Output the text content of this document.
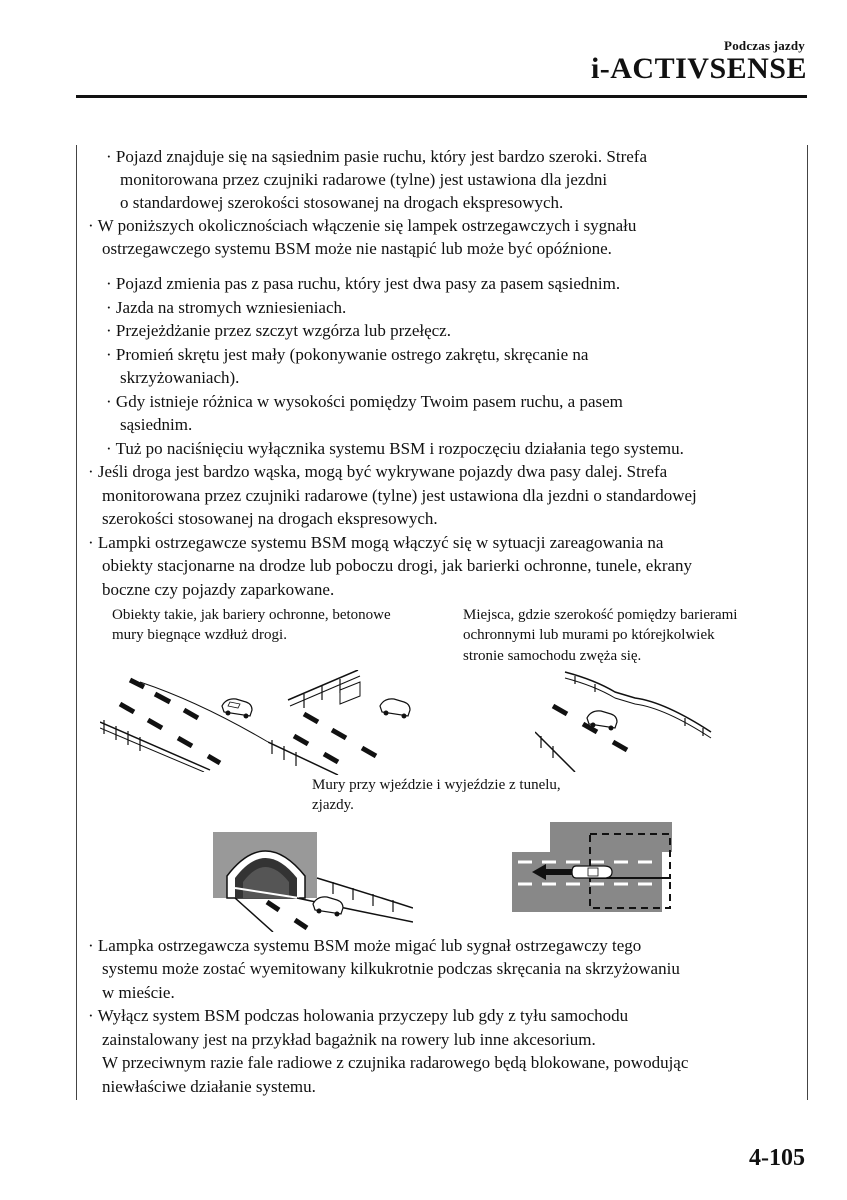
Podczas jazdy
i-ACTIVSENSE
· Pojazd znajduje się na sąsiednim pasie ruchu, który jest bardzo szeroki. Strefa
monitorowana przez czujniki radarowe (tylne) jest ustawiona dla jezdni
o standardowej szerokości stosowanej na drogach ekspresowych.
· W poniższych okolicznościach włączenie się lampek ostrzegawczych i sygnału
ostrzegawczego systemu BSM może nie nastąpić lub może być opóźnione.
· Pojazd zmienia pas z pasa ruchu, który jest dwa pasy za pasem sąsiednim.
· Jazda na stromych wzniesieniach.
· Przejeżdżanie przez szczyt wzgórza lub przełęcz.
· Promień skrętu jest mały (pokonywanie ostrego zakrętu, skręcanie na
skrzyżowaniach).
· Gdy istnieje różnica w wysokości pomiędzy Twoim pasem ruchu, a pasem
sąsiednim.
· Tuż po naciśnięciu wyłącznika systemu BSM i rozpoczęciu działania tego systemu.
· Jeśli droga jest bardzo wąska, mogą być wykrywane pojazdy dwa pasy dalej. Strefa
monitorowana przez czujniki radarowe (tylne) jest ustawiona dla jezdni o standardowej
szerokości stosowanej na drogach ekspresowych.
· Lampki ostrzegawcze systemu BSM mogą włączyć się w sytuacji zareagowania na
obiekty stacjonarne na drodze lub poboczu drogi, jak barierki ochronne, tunele, ekrany
boczne czy pojazdy zaparkowane.
Obiekty takie, jak bariery ochronne, betonowe
mury biegnące wzdłuż drogi.
Miejsca, gdzie szerokość pomiędzy barierami
ochronnymi lub murami po którejkolwiek
stronie samochodu zwęża się.
Mury przy wjeździe i wyjeździe z tunelu,
zjazdy.
· Lampka ostrzegawcza systemu BSM może migać lub sygnał ostrzegawczy tego
systemu może zostać wyemitowany kilkukrotnie podczas skręcania na skrzyżowaniu
w mieście.
· Wyłącz system BSM podczas holowania przyczepy lub gdy z tyłu samochodu
zainstalowany jest na przykład bagażnik na rowery lub inne akcesorium.
W przeciwnym razie fale radiowe z czujnika radarowego będą blokowane, powodując
niewłaściwe działanie systemu.
4-105
